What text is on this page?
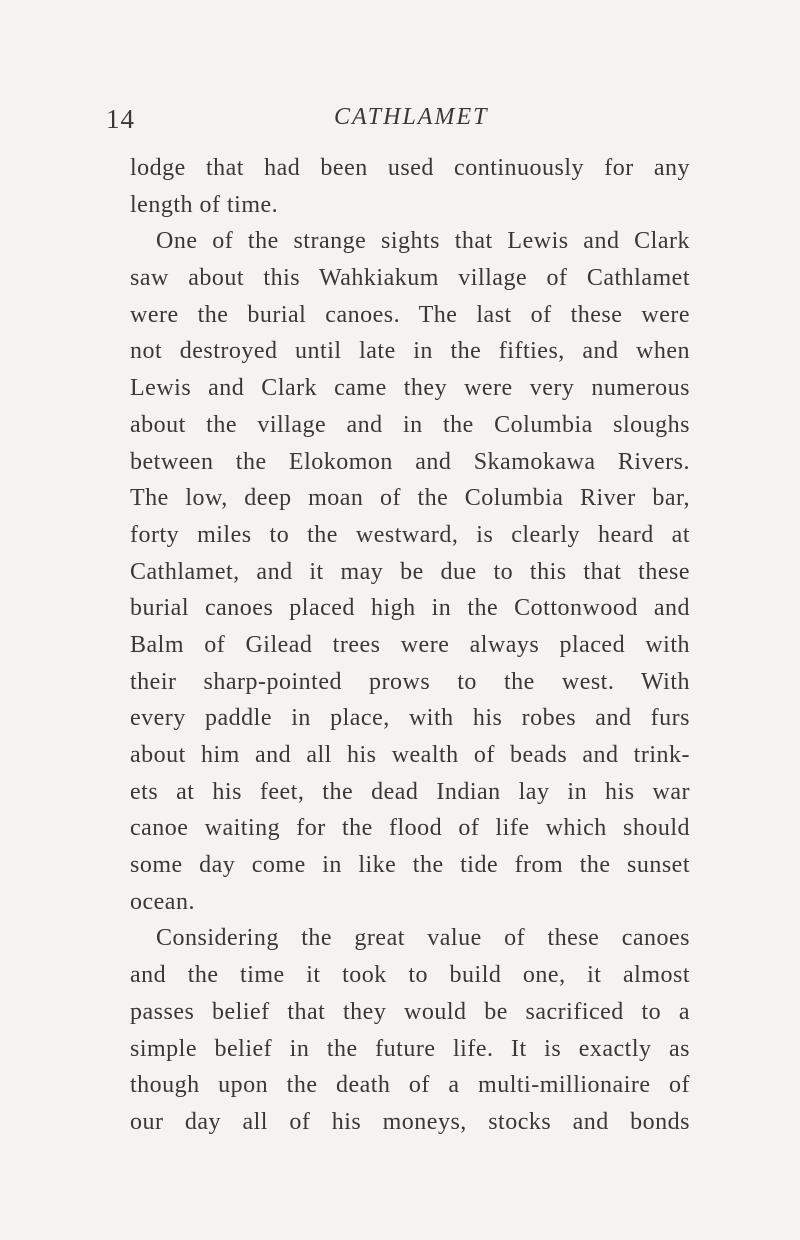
14	CATHLAMET
lodge that had been used continuously for any
length of time.
One of the strange sights that Lewis and Clark
saw about this Wahkiakum village of Cathlamet
were the burial canoes. The last of these were
not destroyed until late in the fifties, and when
Lewis and Clark came they were very numerous
about the village and in the Columbia sloughs
between the Elokomon and Skamokawa Rivers.
The low, deep moan of the Columbia River bar,
forty miles to the westward, is clearly heard at
Cathlamet, and it may be due to this that these
burial canoes placed high in the Cottonwood and
Balm of Gilead trees were always placed with
their sharp-pointed prows to the west. With
every paddle in place, with his robes and furs
about him and all his wealth of beads and trink-
ets at his feet, the dead Indian lay in his war
canoe waiting for the flood of life which should
some day come in like the tide from the sunset
ocean.
Considering the great value of these canoes
and the time it took to build one, it almost
passes belief that they would be sacrificed to a
simple belief in the future life. It is exactly as
though upon the death of a multi-millionaire of
our day all of his moneys, stocks and bonds
